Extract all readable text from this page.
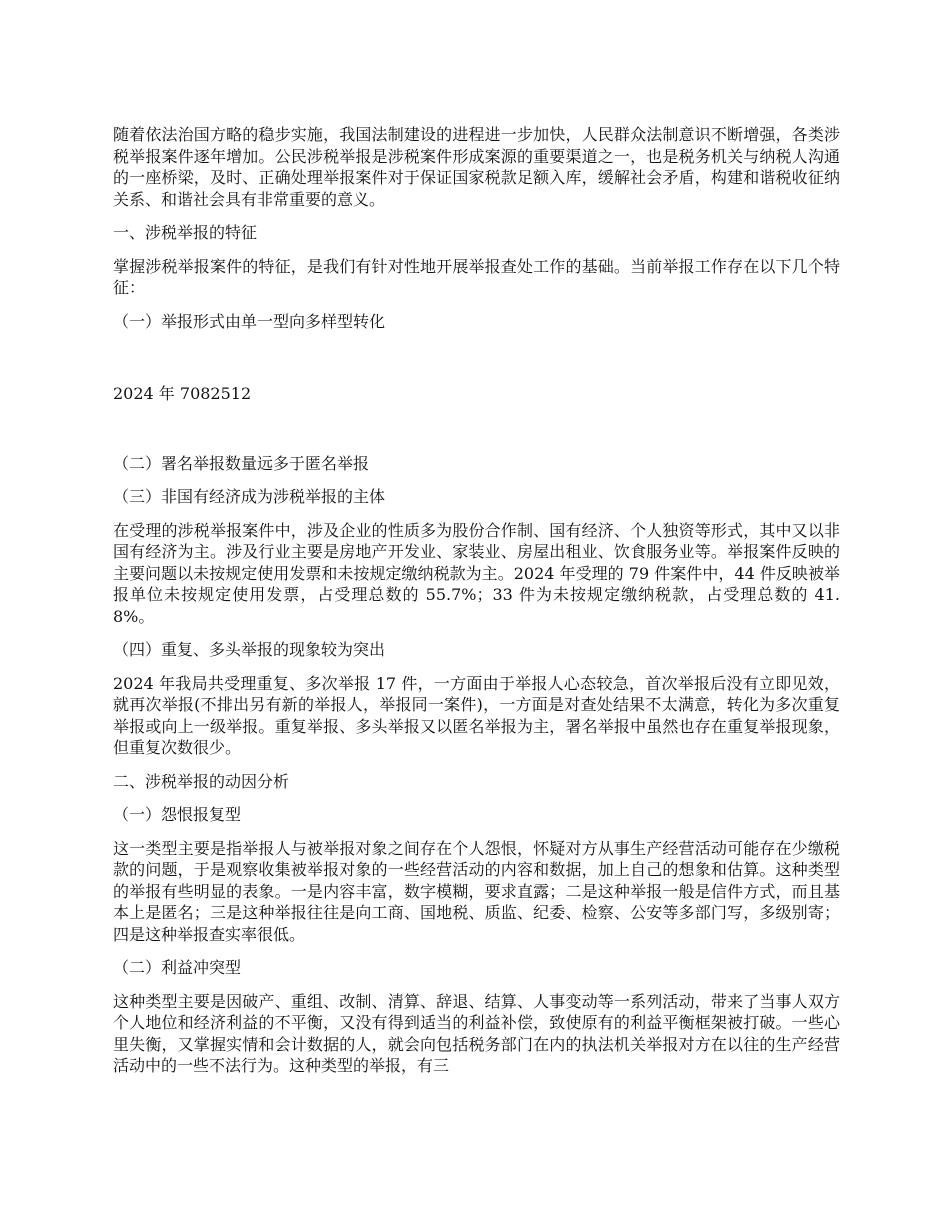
随着依法治国方略的稳步实施，我国法制建设的进程进一步加快，人民群众法制意识不断增强，各类涉税举报案件逐年增加。公民涉税举报是涉税案件形成案源的重要渠道之一，也是税务机关与纳税人沟通的一座桥梁，及时、正确处理举报案件对于保证国家税款足额入库，缓解社会矛盾，构建和谐税收征纳关系、和谐社会具有非常重要的意义。

一、涉税举报的特征

掌握涉税举报案件的特征，是我们有针对性地开展举报查处工作的基础。当前举报工作存在以下几个特征：

（一）举报形式由单一型向多样型转化

2024 年 7082512

（二）署名举报数量远多于匿名举报

（三）非国有经济成为涉税举报的主体

在受理的涉税举报案件中，涉及企业的性质多为股份合作制、国有经济、个人独资等形式，其中又以非国有经济为主。涉及行业主要是房地产开发业、家装业、房屋出租业、饮食服务业等。举报案件反映的主要问题以未按规定使用发票和未按规定缴纳税款为主。2024 年受理的 79 件案件中，44 件反映被举报单位未按规定使用发票，占受理总数的 55.7%；33 件为未按规定缴纳税款，占受理总数的 41.8%。

（四）重复、多头举报的现象较为突出

2024 年我局共受理重复、多次举报 17 件，一方面由于举报人心态较急，首次举报后没有立即见效，就再次举报(不排出另有新的举报人，举报同一案件)，一方面是对查处结果不太满意，转化为多次重复举报或向上一级举报。重复举报、多头举报又以匿名举报为主，署名举报中虽然也存在重复举报现象，但重复次数很少。

二、涉税举报的动因分析

（一）怨恨报复型

这一类型主要是指举报人与被举报对象之间存在个人怨恨，怀疑对方从事生产经营活动可能存在少缴税款的问题，于是观察收集被举报对象的一些经营活动的内容和数据，加上自己的想象和估算。这种类型的举报有些明显的表象。一是内容丰富，数字模糊，要求直露；二是这种举报一般是信件方式，而且基本上是匿名；三是这种举报往往是向工商、国地税、质监、纪委、检察、公安等多部门写，多级别寄；四是这种举报查实率很低。

（二）利益冲突型

这种类型主要是因破产、重组、改制、清算、辞退、结算、人事变动等一系列活动，带来了当事人双方个人地位和经济利益的不平衡，又没有得到适当的利益补偿，致使原有的利益平衡框架被打破。一些心里失衡，又掌握实情和会计数据的人，就会向包括税务部门在内的执法机关举报对方在以往的生产经营活动中的一些不法行为。这种类型的举报，有三
